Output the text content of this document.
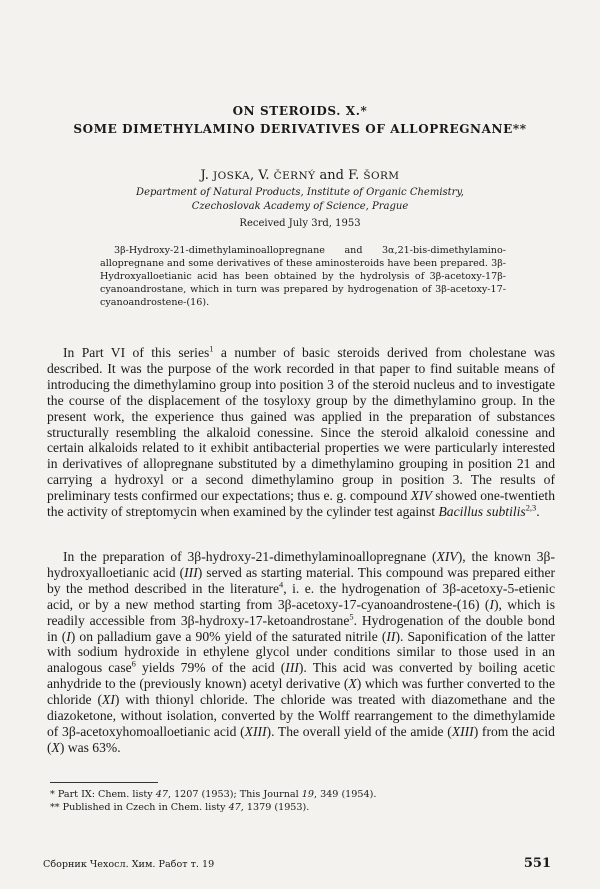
ON STEROIDS. X.*
SOME DIMETHYLAMINO DERIVATIVES OF ALLOPREGNANE**
J. JOSKA, V. ČERNÝ and F. ŠORM
Department of Natural Products, Institute of Organic Chemistry,
Czechoslovak Academy of Science, Prague
Received July 3rd, 1953

3β-Hydroxy-21-dimethylaminoallopregnane and 3α,21-bis-dimethylamino-allopregnane and some derivatives of these aminosteroids have been prepared. 3β-Hydroxyalloetianic acid has been obtained by the hydrolysis of 3β-acetoxy-17β-cyanoandrostane, which in turn was prepared by hydrogenation of 3β-acetoxy-17-cyanoandrostene-(16).

In Part VI of this series$^1$ a number of basic steroids derived from cholestane was described. It was the purpose of the work recorded in that paper to find suitable means of introducing the dimethylamino group into position 3 of the steroid nucleus and to investigate the course of the displacement of the tosyloxy group by the dimethylamino group. In the present work, the experience thus gained was applied in the preparation of substances structurally resembling the alkaloid conessine. Since the steroid alkaloid conessine and certain alkaloids related to it exhibit antibacterial properties we were particularly interested in derivatives of allopregnane substituted by a dimethylamino grouping in position 21 and carrying a hydroxyl or a second dimethylamino group in position 3. The results of preliminary tests confirmed our expectations; thus e. g. compound XIV showed one-twentieth the activity of streptomycin when examined by the cylinder test against Bacillus subtilis$^{2,3}$.

In the preparation of 3β-hydroxy-21-dimethylaminoallopregnane (XIV), the known 3β-hydroxyalloetianic acid (III) served as starting material. This compound was prepared either by the method described in the literature$^4$, i. e. the hydrogenation of 3β-acetoxy-5-etienic acid, or by a new method starting from 3β-acetoxy-17-cyanoandrostene-(16) (I), which is readily accessible from 3β-hydroxy-17-ketoandrostane$^5$. Hydrogenation of the double bond in (I) on palladium gave a 90% yield of the saturated nitrile (II). Saponification of the latter with sodium hydroxide in ethylene glycol under conditions similar to those used in an analogous case$^6$ yields 79% of the acid (III). This acid was converted by boiling acetic anhydride to the (previously known) acetyl derivative (X) which was further converted to the chloride (XI) with thionyl chloride. The chloride was treated with diazomethane and the diazoketone, without isolation, converted by the Wolff rearrangement to the dimethylamide of 3β-acetoxyhomoalloetianic acid (XIII). The overall yield of the amide (XIII) from the acid (X) was 63%.

* Part IX: Chem. listy 47, 1207 (1953); This Journal 19, 349 (1954).
** Published in Czech in Chem. listy 47, 1379 (1953).
Сборник Чехосл. Хим. Работ т. 19	551
